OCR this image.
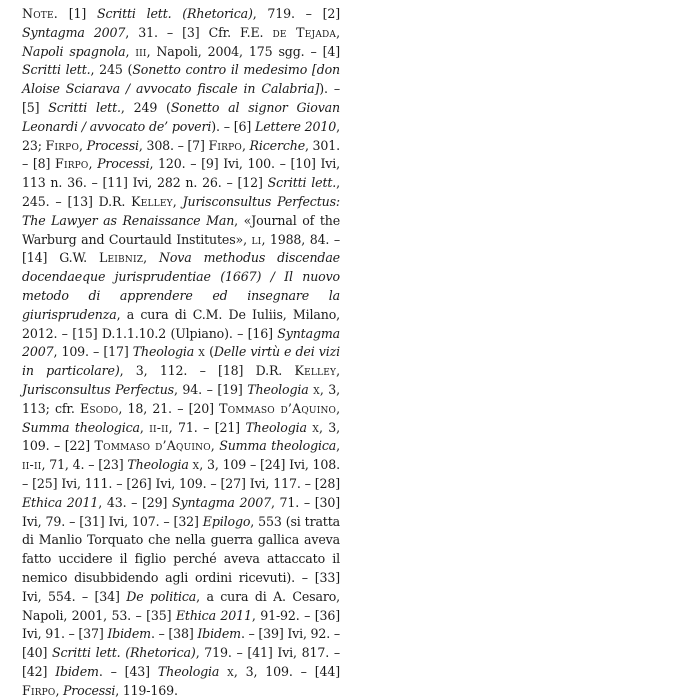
Note. [1] Scritti lett. (Rhetorica), 719. – [2] Syntagma 2007, 31. – [3] Cfr. F.E. de Tejada, Napoli spagnola, iii, Napoli, 2004, 175 sgg. – [4] Scritti lett., 245 (Sonetto contro il medesimo [don Aloise Sciarava / avvocato fiscale in Calabria]). – [5] Scritti lett., 249 (Sonetto al signor Giovan Leonardi / avvocato de’ poveri). – [6] Lettere 2010, 23; Firpo, Processi, 308. – [7] Firpo, Ricerche, 301. – [8] Firpo, Processi, 120. – [9] Ivi, 100. – [10] Ivi, 113 n. 36. – [11] Ivi, 282 n. 26. – [12] Scritti lett., 245. – [13] D.R. Kelley, Jurisconsultus Perfectus: The Lawyer as Renaissance Man, «Journal of the Warburg and Courtauld Institutes», li, 1988, 84. – [14] G.W. Leibniz, Nova methodus discendae docendaeque jurisprudentiae (1667) / Il nuovo metodo di apprendere ed insegnare la giurisprudenza, a cura di C.M. De Iuliis, Milano, 2012. – [15] D.1.1.10.2 (Ulpiano). – [16] Syntagma 2007, 109. – [17] Theologia x (Delle virtù e dei vizi in particolare), 3, 112. – [18] D.R. Kelley, Jurisconsultus Perfectus, 94. – [19] Theologia x, 3, 113; cfr. Esodo, 18, 21. – [20] Tommaso d’Aquino, Summa theologica, ii-ii, 71. – [21] Theologia x, 3, 109. – [22] Tommaso d’Aquino, Summa theologica, ii-ii, 71, 4. – [23] Theologia x, 3, 109 – [24] Ivi, 108. – [25] Ivi, 111. – [26] Ivi, 109. – [27] Ivi, 117. – [28] Ethica 2011, 43. – [29] Syntagma 2007, 71. – [30] Ivi, 79. – [31] Ivi, 107. – [32] Epilogo, 553 (si tratta di Manlio Torquato che nella guerra gallica aveva fatto uccidere il figlio perché aveva attaccato il nemico disubbidendo agli ordini ricevuti). – [33] Ivi, 554. – [34] De politica, a cura di A. Cesaro, Napoli, 2001, 53. – [35] Ethica 2011, 91-92. – [36] Ivi, 91. – [37] Ibidem. – [38] Ibidem. – [39] Ivi, 92. – [40] Scritti lett. (Rhetorica), 719. – [41] Ivi, 817. – [42] Ibidem. – [43] Theologia x, 3, 109. – [44] Firpo, Processi, 119-169.
